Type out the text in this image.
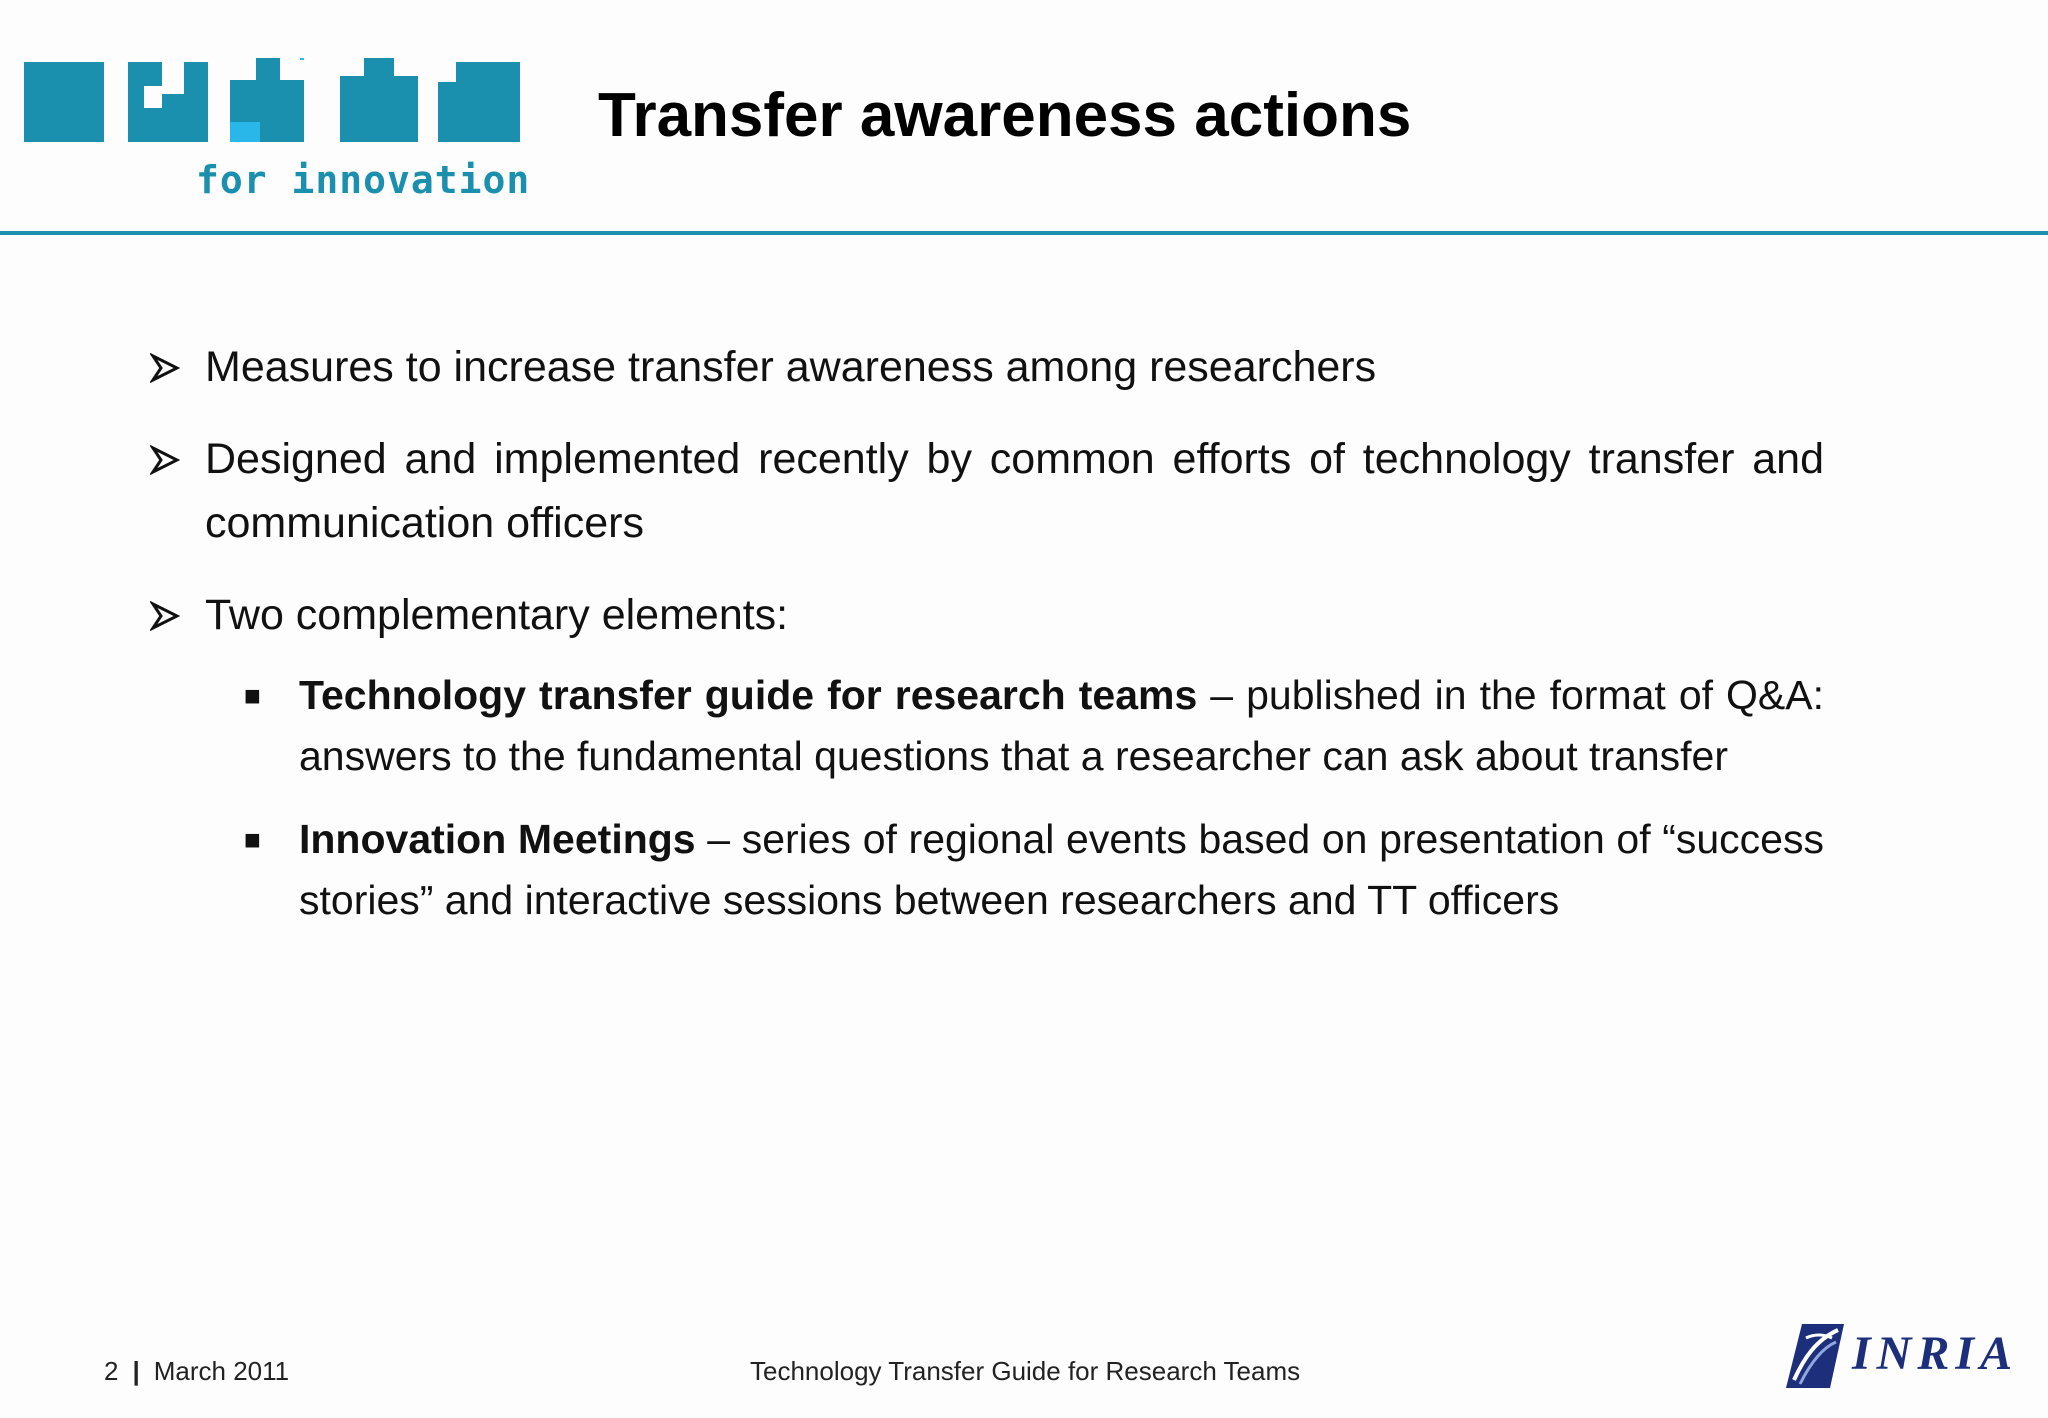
for innovation
Transfer awareness actions
Measures to increase transfer awareness among researchers
Designed and implemented recently by common efforts of technology transfer and communication officers
Two complementary elements:
■ Technology transfer guide for research teams – published in the format of Q&A: answers to the fundamental questions that a researcher can ask about transfer
■ Innovation Meetings – series of regional events based on presentation of “success stories” and interactive sessions between researchers and TT officers
2 | March 2011	Technology Transfer Guide for Research Teams	INRIA
